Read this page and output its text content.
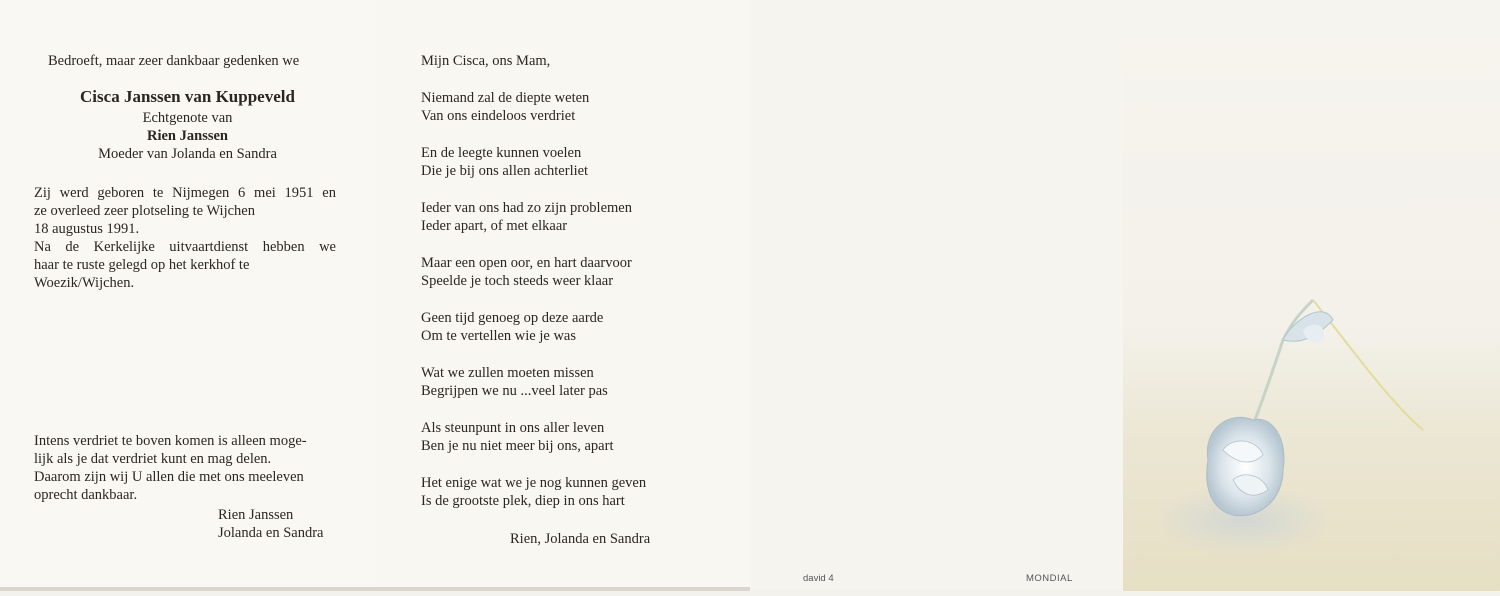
Bedroeft, maar zeer dankbaar gedenken we
Cisca Janssen van Kuppeveld
Echtgenote van
Rien Janssen
Moeder van Jolanda en Sandra
Zij werd geboren te Nijmegen 6 mei 1951 en
ze overleed zeer plotseling te Wijchen
18 augustus 1991.
Na de Kerkelijke uitvaartdienst hebben we
haar te ruste gelegd op het kerkhof te
Woezik/Wijchen.
Intens verdriet te boven komen is alleen moge-
lijk als je dat verdriet kunt en mag delen.
Daarom zijn wij U allen die met ons meeleven
oprecht dankbaar.
Rien Janssen
Jolanda en Sandra
Mijn Cisca, ons Mam,
Niemand zal de diepte weten
Van ons eindeloos verdriet
En de leegte kunnen voelen
Die je bij ons allen achterliet
Ieder van ons had zo zijn problemen
Ieder apart, of met elkaar
Maar een open oor, en hart daarvoor
Speelde je toch steeds weer klaar
Geen tijd genoeg op deze aarde
Om te vertellen wie je was
Wat we zullen moeten missen
Begrijpen we nu ...veel later pas
Als steunpunt in ons aller leven
Ben je nu niet meer bij ons, apart
Het enige wat we je nog kunnen geven
Is de grootste plek, diep in ons hart
Rien, Jolanda en Sandra
david 4	MONDIAL
